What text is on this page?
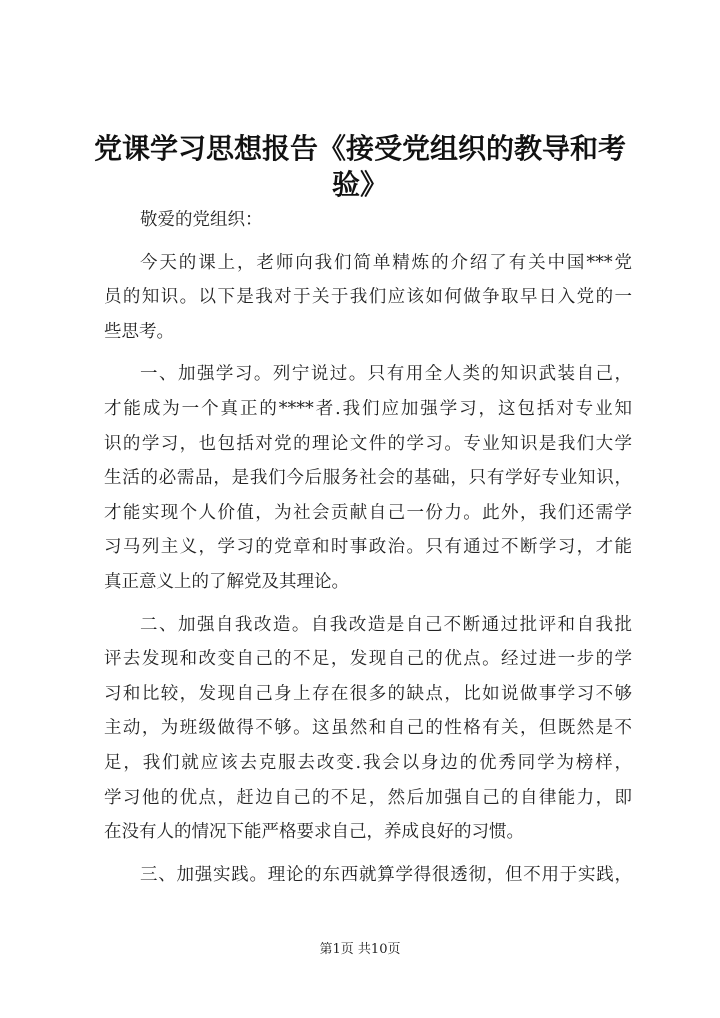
党课学习思想报告《接受党组织的教导和考
验》
敬爱的党组织：
今天的课上，老师向我们简单精炼的介绍了有关中国***党
员的知识。以下是我对于关于我们应该如何做争取早日入党的一
些思考。
一、加强学习。列宁说过。只有用全人类的知识武装自己，
才能成为一个真正的****者.我们应加强学习，这包括对专业知
识的学习，也包括对党的理论文件的学习。专业知识是我们大学
生活的必需品，是我们今后服务社会的基础，只有学好专业知识，
才能实现个人价值，为社会贡献自己一份力。此外，我们还需学
习马列主义，学习的党章和时事政治。只有通过不断学习，才能
真正意义上的了解党及其理论。
二、加强自我改造。自我改造是自己不断通过批评和自我批
评去发现和改变自己的不足，发现自己的优点。经过进一步的学
习和比较，发现自己身上存在很多的缺点，比如说做事学习不够
主动，为班级做得不够。这虽然和自己的性格有关，但既然是不
足，我们就应该去克服去改变.我会以身边的优秀同学为榜样，
学习他的优点，赶边自己的不足，然后加强自己的自律能力，即
在没有人的情况下能严格要求自己，养成良好的习惯。
三、加强实践。理论的东西就算学得很透彻，但不用于实践，
第1页 共10页
